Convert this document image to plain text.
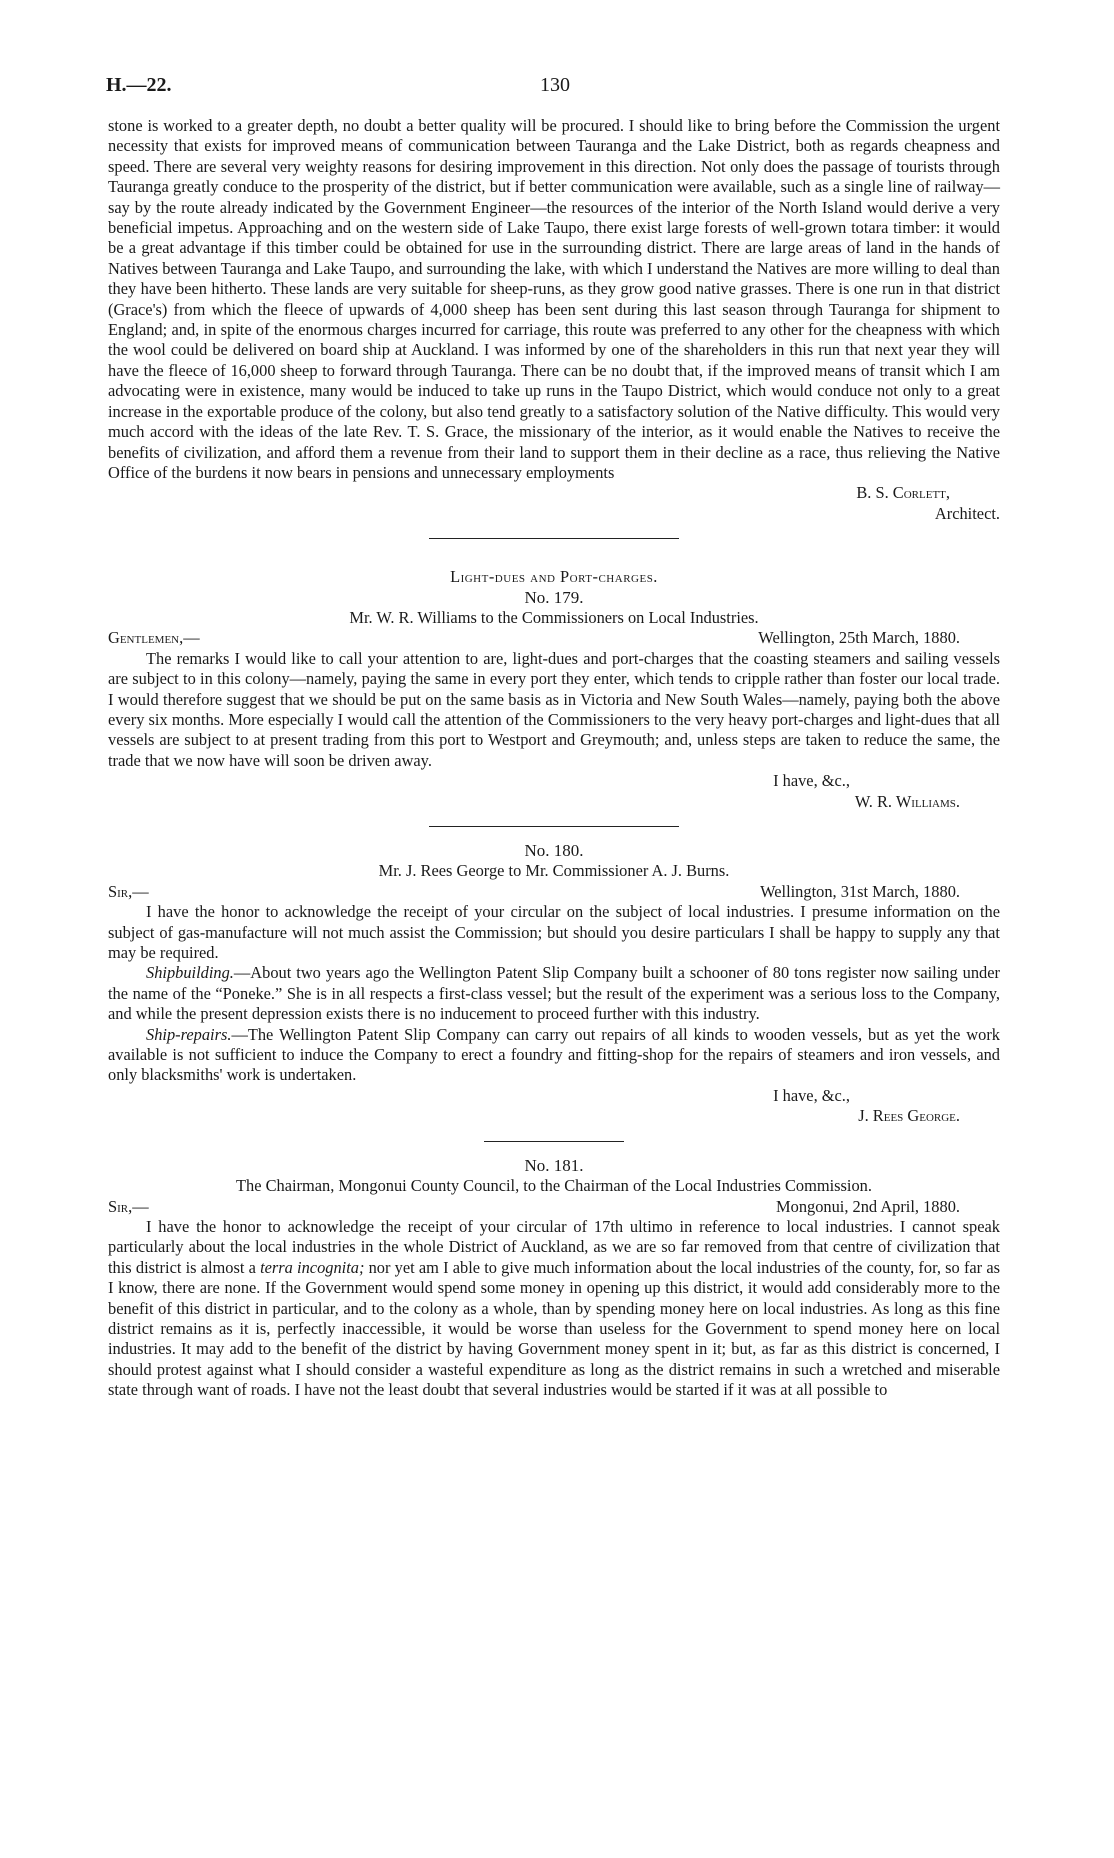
H.—22.	130

stone is worked to a greater depth, no doubt a better quality will be procured. I should like to bring before the Commission the urgent necessity that exists for improved means of communication between Tauranga and the Lake District, both as regards cheapness and speed. There are several very weighty reasons for desiring improvement in this direction. Not only does the passage of tourists through Tauranga greatly conduce to the prosperity of the district, but if better communication were available, such as a single line of railway—say by the route already indicated by the Government Engineer—the resources of the interior of the North Island would derive a very beneficial impetus. Approaching and on the western side of Lake Taupo, there exist large forests of well-grown totara timber: it would be a great advantage if this timber could be obtained for use in the surrounding district. There are large areas of land in the hands of Natives between Tauranga and Lake Taupo, and surrounding the lake, with which I understand the Natives are more willing to deal than they have been hitherto. These lands are very suitable for sheep-runs, as they grow good native grasses. There is one run in that district (Grace's) from which the fleece of upwards of 4,000 sheep has been sent during this last season through Tauranga for shipment to England; and, in spite of the enormous charges incurred for carriage, this route was preferred to any other for the cheapness with which the wool could be delivered on board ship at Auckland. I was informed by one of the shareholders in this run that next year they will have the fleece of 16,000 sheep to forward through Tauranga. There can be no doubt that, if the improved means of transit which I am advocating were in existence, many would be induced to take up runs in the Taupo District, which would conduce not only to a great increase in the exportable produce of the colony, but also tend greatly to a satisfactory solution of the Native difficulty. This would very much accord with the ideas of the late Rev. T. S. Grace, the missionary of the interior, as it would enable the Natives to receive the benefits of civilization, and afford them a revenue from their land to support them in their decline as a race, thus relieving the Native Office of the burdens it now bears in pensions and unnecessary employments

B. S. Corlett,
Architect.
Light-dues and Port-charges.
No. 179.
Mr. W. R. Williams to the Commissioners on Local Industries.
Gentlemen,—	Wellington, 25th March, 1880.

The remarks I would like to call your attention to are, light-dues and port-charges that the coasting steamers and sailing vessels are subject to in this colony—namely, paying the same in every port they enter, which tends to cripple rather than foster our local trade. I would therefore suggest that we should be put on the same basis as in Victoria and New South Wales—namely, paying both the above every six months. More especially I would call the attention of the Commissioners to the very heavy port-charges and light-dues that all vessels are subject to at present trading from this port to Westport and Greymouth; and, unless steps are taken to reduce the same, the trade that we now have will soon be driven away.

I have, &c.,
W. R. Williams.
No. 180.
Mr. J. Rees George to Mr. Commissioner A. J. Burns.
Sir,—	Wellington, 31st March, 1880.

I have the honor to acknowledge the receipt of your circular on the subject of local industries. I presume information on the subject of gas-manufacture will not much assist the Commission; but should you desire particulars I shall be happy to supply any that may be required.

Shipbuilding.—About two years ago the Wellington Patent Slip Company built a schooner of 80 tons register now sailing under the name of the “Poneke.” She is in all respects a first-class vessel; but the result of the experiment was a serious loss to the Company, and while the present depression exists there is no inducement to proceed further with this industry.

Ship-repairs.—The Wellington Patent Slip Company can carry out repairs of all kinds to wooden vessels, but as yet the work available is not sufficient to induce the Company to erect a foundry and fitting-shop for the repairs of steamers and iron vessels, and only blacksmiths' work is undertaken.

I have, &c.,
J. Rees George.
No. 181.
The Chairman, Mongonui County Council, to the Chairman of the Local Industries Commission.
Sir,—	Mongonui, 2nd April, 1880.

I have the honor to acknowledge the receipt of your circular of 17th ultimo in reference to local industries. I cannot speak particularly about the local industries in the whole District of Auckland, as we are so far removed from that centre of civilization that this district is almost a terra incognita; nor yet am I able to give much information about the local industries of the county, for, so far as I know, there are none. If the Government would spend some money in opening up this district, it would add considerably more to the benefit of this district in particular, and to the colony as a whole, than by spending money here on local industries. As long as this fine district remains as it is, perfectly inaccessible, it would be worse than useless for the Government to spend money here on local industries. It may add to the benefit of the district by having Government money spent in it; but, as far as this district is concerned, I should protest against what I should consider a wasteful expenditure as long as the district remains in such a wretched and miserable state through want of roads. I have not the least doubt that several industries would be started if it was at all possible to
